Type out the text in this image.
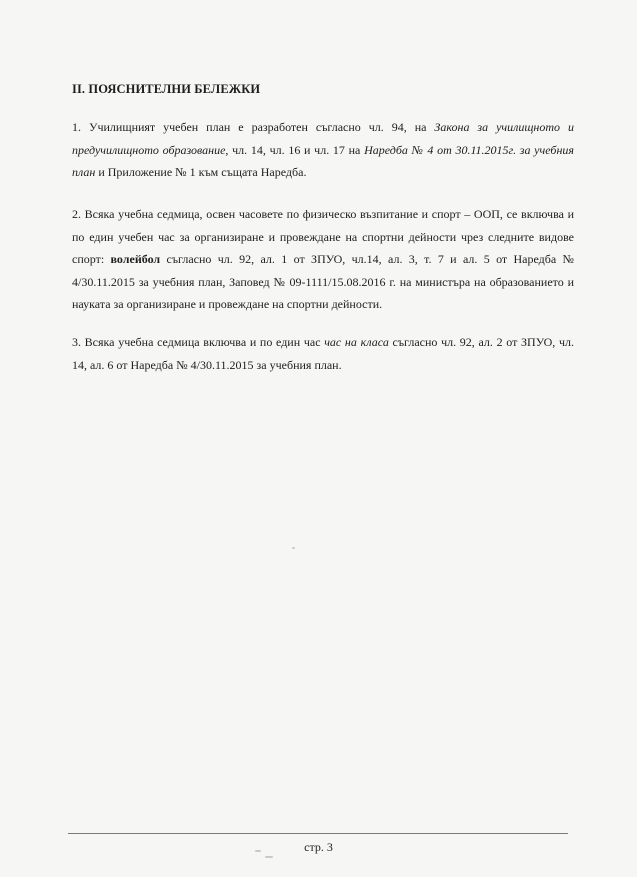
II. ПОЯСНИТЕЛНИ БЕЛЕЖКИ

1. Училищният учебен план е разработен съгласно чл. 94, на Закона за училищното и предучилищното образование, чл. 14, чл. 16 и чл. 17 на Наредба № 4 от 30.11.2015г. за учебния план и Приложение № 1 към същата Наредба.

2. Всяка учебна седмица, освен часовете по физическо възпитание и спорт – ООП, се включва и по един учебен час за организиране и провеждане на спортни дейности чрез следните видове спорт: волейбол съгласно чл. 92, ал. 1 от ЗПУО, чл.14, ал. 3, т. 7 и ал. 5 от Наредба № 4/30.11.2015 за учебния план, Заповед № 09-1111/15.08.2016 г. на министъра на образованието и науката за организиране и провеждане на спортни дейности.

3. Всяка учебна седмица включва и по един час час на класа съгласно чл. 92, ал. 2 от ЗПУО, чл. 14, ал. 6 от Наредба № 4/30.11.2015 за учебния план.

стр. 3
